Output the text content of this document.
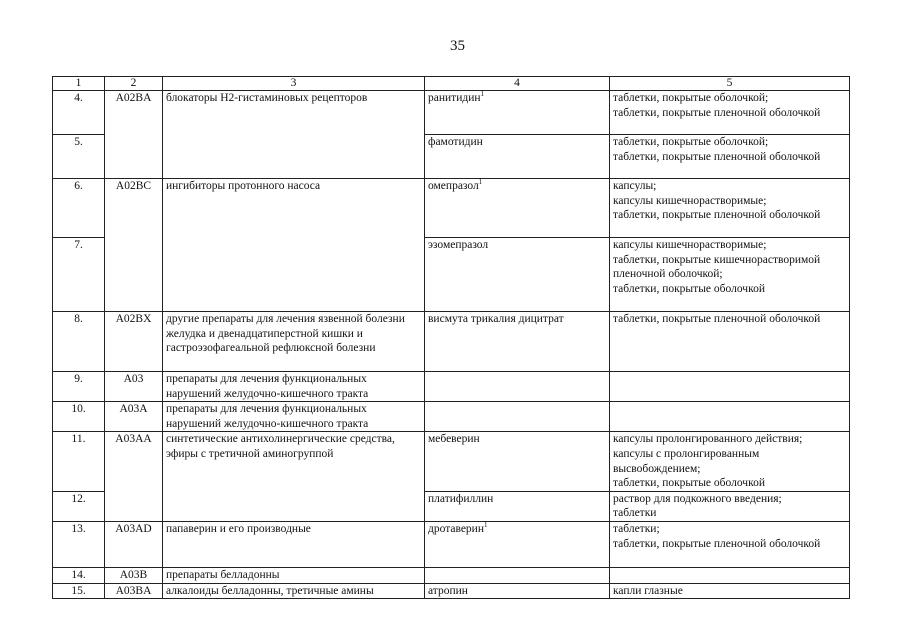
35
1	2	3	4	5
4.	A02BA	блокаторы H2-гистаминовых рецепторов	ранитидин$^1$	таблетки, покрытые оболочкой;
таблетки, покрытые пленочной оболочкой
5.			фамотидин	таблетки, покрытые оболочкой;
таблетки, покрытые пленочной оболочкой
6.	A02BC	ингибиторы протонного насоса	омепразол$^1$	капсулы;
капсулы кишечнорастворимые;
таблетки, покрытые пленочной оболочкой
7.			эзомепразол	капсулы кишечнорастворимые;
таблетки, покрытые кишечнорастворимой пленочной оболочкой;
таблетки, покрытые оболочкой
8.	A02BX	другие препараты для лечения язвенной болезни желудка и двенадцатиперстной кишки и гастроэзофагеальной рефлюксной болезни	висмута трикалия дицитрат	таблетки, покрытые пленочной оболочкой
9.	A03	препараты для лечения функциональных нарушений желудочно-кишечного тракта		
10.	A03A	препараты для лечения функциональных нарушений желудочно-кишечного тракта		
11.	A03AA	синтетические антихолинергические средства, эфиры с третичной аминогруппой	мебеверин	капсулы пролонгированного действия;
капсулы с пролонгированным высвобождением;
таблетки, покрытые оболочкой
12.			платифиллин	раствор для подкожного введения;
таблетки
13.	A03AD	папаверин и его производные	дротаверин$^1$	таблетки;
таблетки, покрытые пленочной оболочкой
14.	A03B	препараты белладонны		
15.	A03BA	алкалоиды белладонны, третичные амины	атропин	капли глазные
